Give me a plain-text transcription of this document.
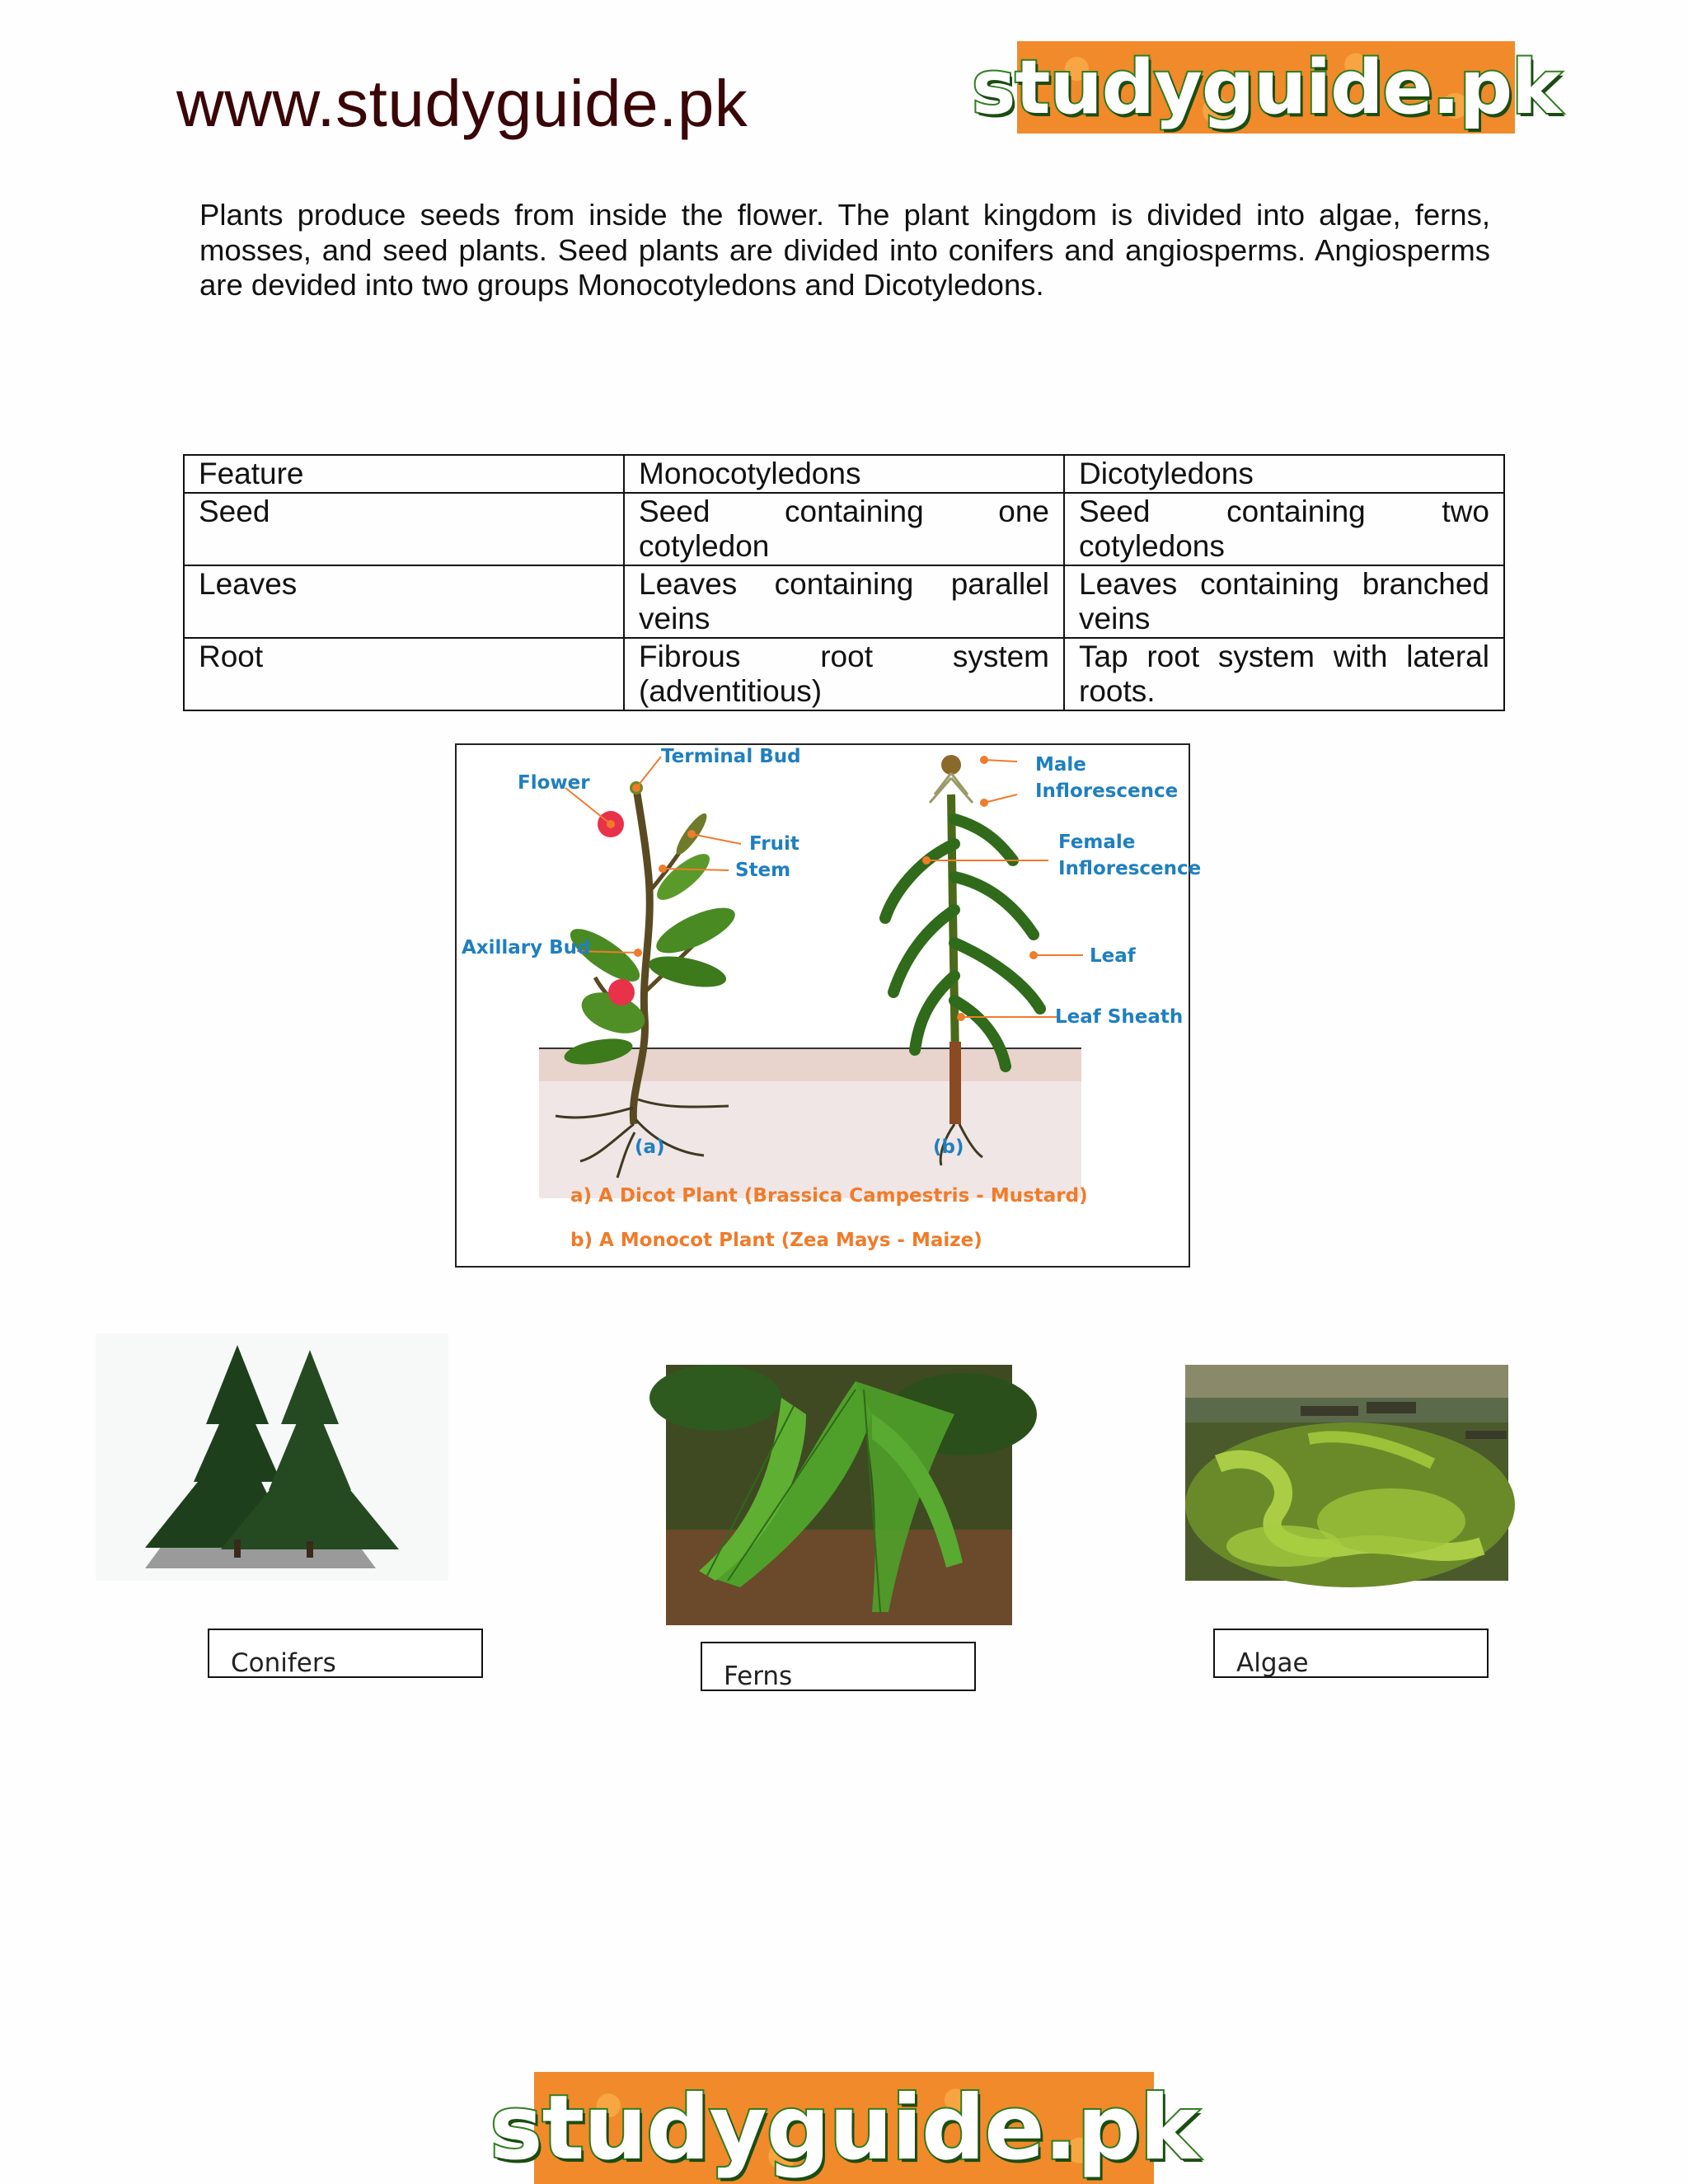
www.studyguide.pk	studyguide.pk

Plants produce seeds from inside the flower. The plant kingdom is divided into algae, ferns, mosses, and seed plants. Seed plants are divided into conifers and angiosperms. Angiosperms are devided into two groups Monocotyledons and Dicotyledons.

Feature	Monocotyledons	Dicotyledons
Seed	Seed containing one cotyledon	Seed containing two cotyledons
Leaves	Leaves containing parallel veins	Leaves containing branched veins
Root	Fibrous root system (adventitious)	Tap root system with lateral roots.
Terminal Bud
Flower
Fruit
Stem
Axillary Bud
Male
Inflorescence
Female
Inflorescence
Leaf
Leaf Sheath
(a)	(b)
a) A Dicot Plant (Brassica Campestris - Mustard)
b) A Monocot Plant (Zea Mays - Maize)
Conifers	Ferns	Algae
studyguide.pk
